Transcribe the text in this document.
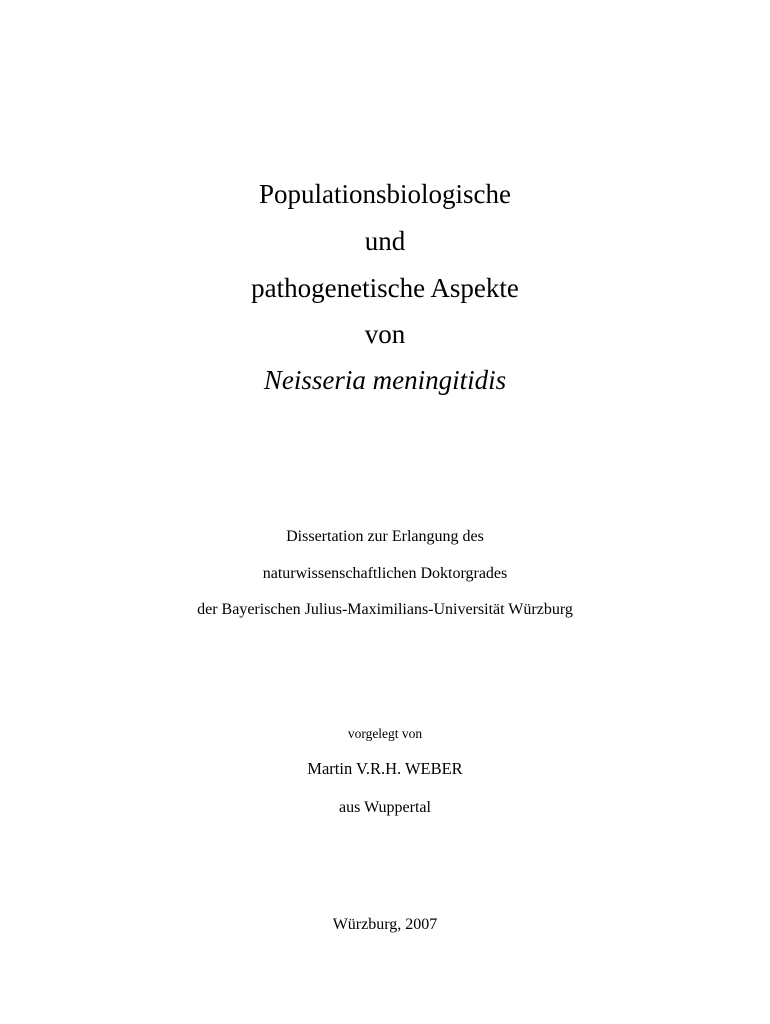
Populationsbiologische
und
pathogenetische Aspekte
von
Neisseria meningitidis
Dissertation zur Erlangung des
naturwissenschaftlichen Doktorgrades
der Bayerischen Julius-Maximilians-Universität Würzburg
vorgelegt von
Martin V.R.H. WEBER
aus Wuppertal
Würzburg, 2007
